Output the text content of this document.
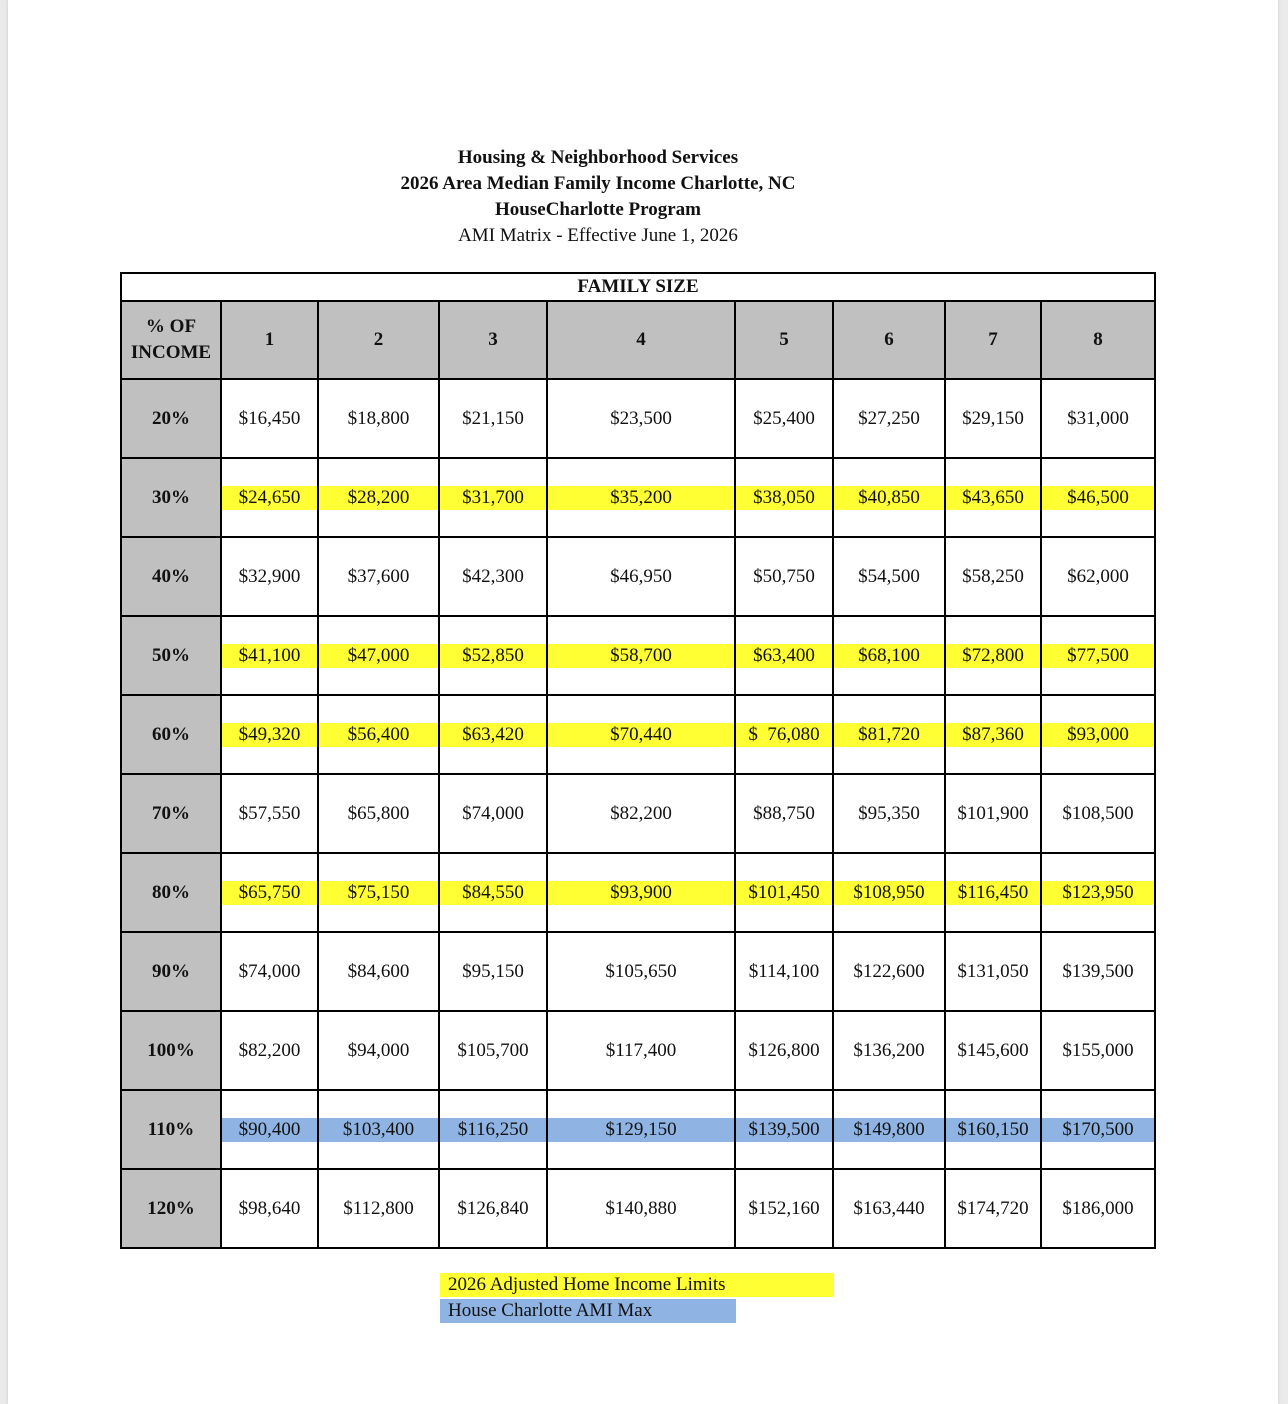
Housing & Neighborhood Services
2026 Area Median Family Income Charlotte, NC
HouseCharlotte Program
AMI Matrix - Effective June 1, 2026
FAMILY SIZE								
% OF
INCOME	1	2	3	4	5	6	7	8
20%	$16,450	$18,800	$21,150	$23,500	$25,400	$27,250	$29,150	$31,000

30%	$24,650	$28,200	$31,700	$35,200	$38,050	$40,850	$43,650	$46,500

40%	$32,900	$37,600	$42,300	$46,950	$50,750	$54,500	$58,250	$62,000

50%	$41,100	$47,000	$52,850	$58,700	$63,400	$68,100	$72,800	$77,500

60%	$49,320	$56,400	$63,420	$70,440	$  76,080	$81,720	$87,360	$93,000

70%	$57,550	$65,800	$74,000	$82,200	$88,750	$95,350	$101,900	$108,500

80%	$65,750	$75,150	$84,550	$93,900	$101,450	$108,950	$116,450	$123,950

90%	$74,000	$84,600	$95,150	$105,650	$114,100	$122,600	$131,050	$139,500

100%	$82,200	$94,000	$105,700	$117,400	$126,800	$136,200	$145,600	$155,000

110%	$90,400	$103,400	$116,250	$129,150	$139,500	$149,800	$160,150	$170,500

120%	$98,640	$112,800	$126,840	$140,880	$152,160	$163,440	$174,720	$186,000
2026 Adjusted Home Income Limits
House Charlotte AMI Max
